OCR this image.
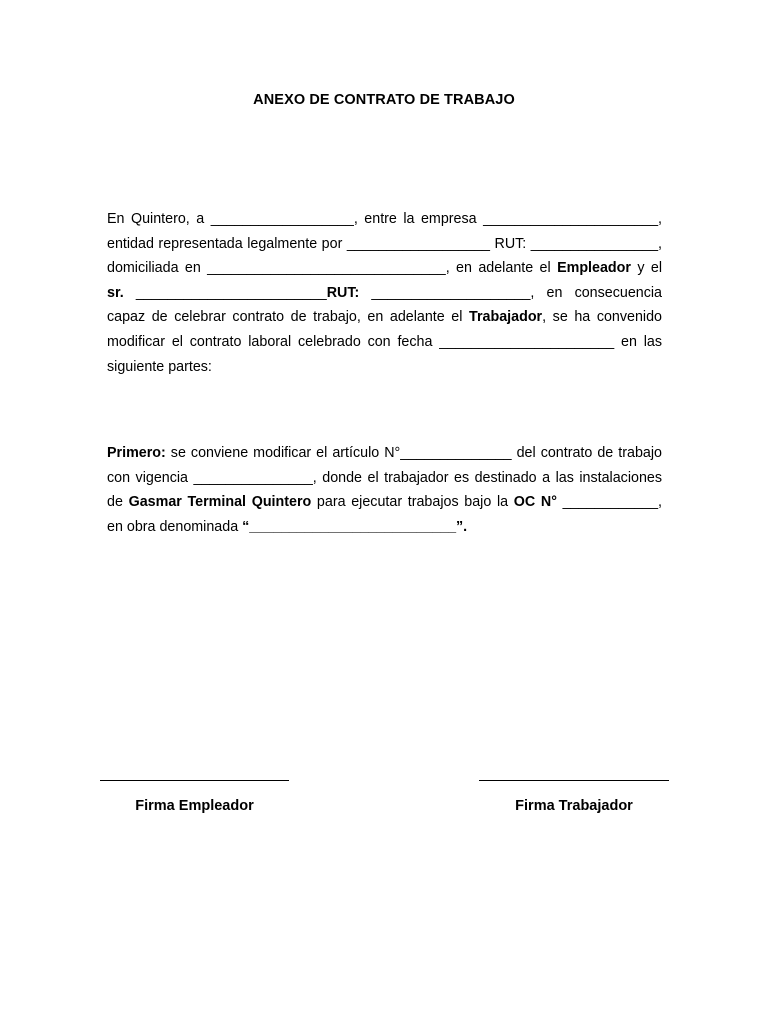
ANEXO DE CONTRATO DE TRABAJO
En Quintero, a __________________, entre la empresa ______________________, entidad representada legalmente por __________________ RUT: ________________, domiciliada en ______________________________, en adelante el Empleador y el sr. ________________________RUT: ____________________, en consecuencia capaz de celebrar contrato de trabajo, en adelante el Trabajador, se ha convenido modificar el contrato laboral celebrado con fecha ______________________ en las siguiente partes:
Primero: se conviene modificar el artículo N°______________ del contrato de trabajo con vigencia _______________, donde el trabajador es destinado a las instalaciones de Gasmar Terminal Quintero para ejecutar trabajos bajo la OC N° ____________, en obra denominada “__________________________”.
Firma Empleador	Firma Trabajador
